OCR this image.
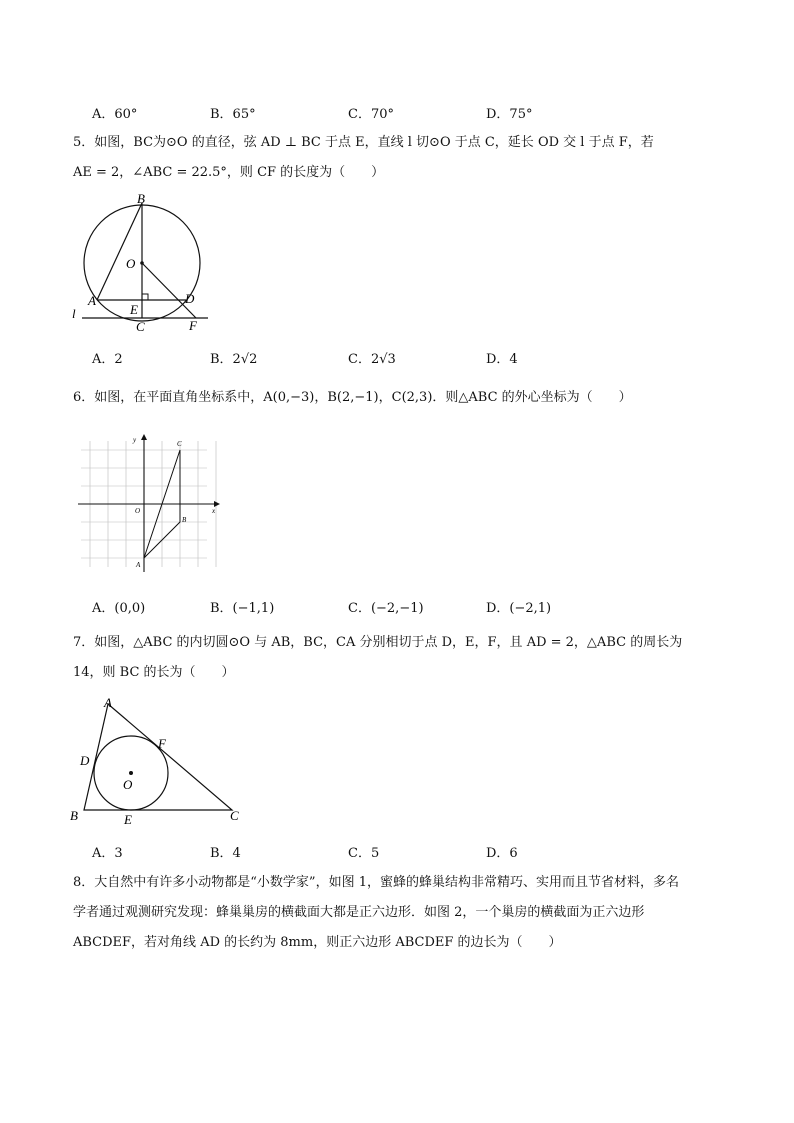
A．60°	B．65°	C．70°	D．75°
5．如图，BC为⊙O 的直径，弦 AD ⊥ BC 于点 E，直线 l 切⊙O 于点 C，延长 OD 交 l 于点 F，若
AE = 2，∠ABC = 22.5°，则 CF 的长度为（　　）
B
O
A
E
C
D
F
l
A．2	B．2√2	C．2√3	D．4
6．如图，在平面直角坐标系中，A(0,−3)，B(2,−1)，C(2,3)．则△ABC 的外心坐标为（　　）
y
x
O
A
B
C
A．(0,0)	B．(−1,1)	C．(−2,−1)	D．(−2,1)
7．如图，△ABC 的内切圆⊙O 与 AB，BC，CA 分别相切于点 D，E，F，且 AD = 2，△ABC 的周长为
14，则 BC 的长为（　　）
A
B	C
D
E
F
O
A．3	B．4	C．5	D．6
8．大自然中有许多小动物都是“小数学家”，如图 1，蜜蜂的蜂巢结构非常精巧、实用而且节省材料，多名
学者通过观测研究发现：蜂巢巢房的横截面大都是正六边形．如图 2，一个巢房的横截面为正六边形
ABCDEF，若对角线 AD 的长约为 8mm，则正六边形 ABCDEF 的边长为（　　）
